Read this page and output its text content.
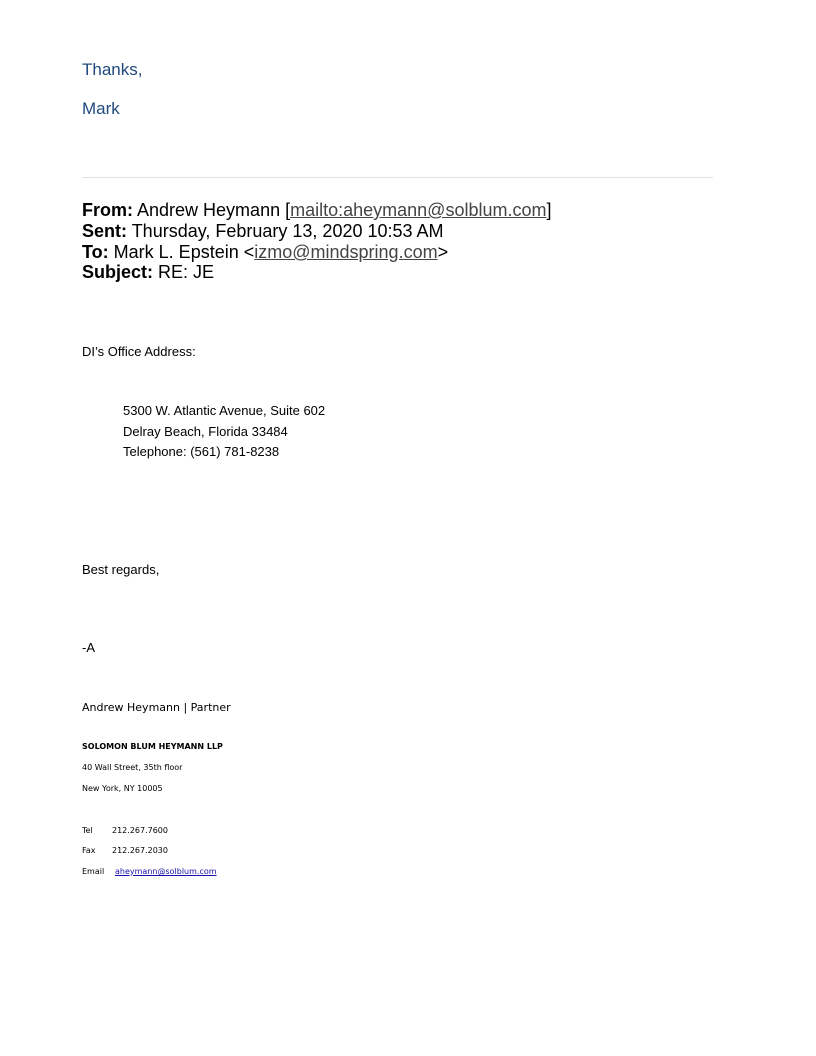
Thanks,
Mark
From: Andrew Heymann [mailto:aheymann@solblum.com]
Sent: Thursday, February 13, 2020 10:53 AM
To: Mark L. Epstein <izmo@mindspring.com>
Subject: RE: JE
DI’s Office Address:
5300 W. Atlantic Avenue, Suite 602
Delray Beach, Florida 33484
Telephone: (561) 781-8238
Best regards,
-A
Andrew Heymann | Partner
SOLOMON BLUM HEYMANN LLP
40 Wall Street, 35th floor
New York, NY 10005
Tel 212.267.7600
Fax 212.267.2030
Email aheymann@solblum.com
